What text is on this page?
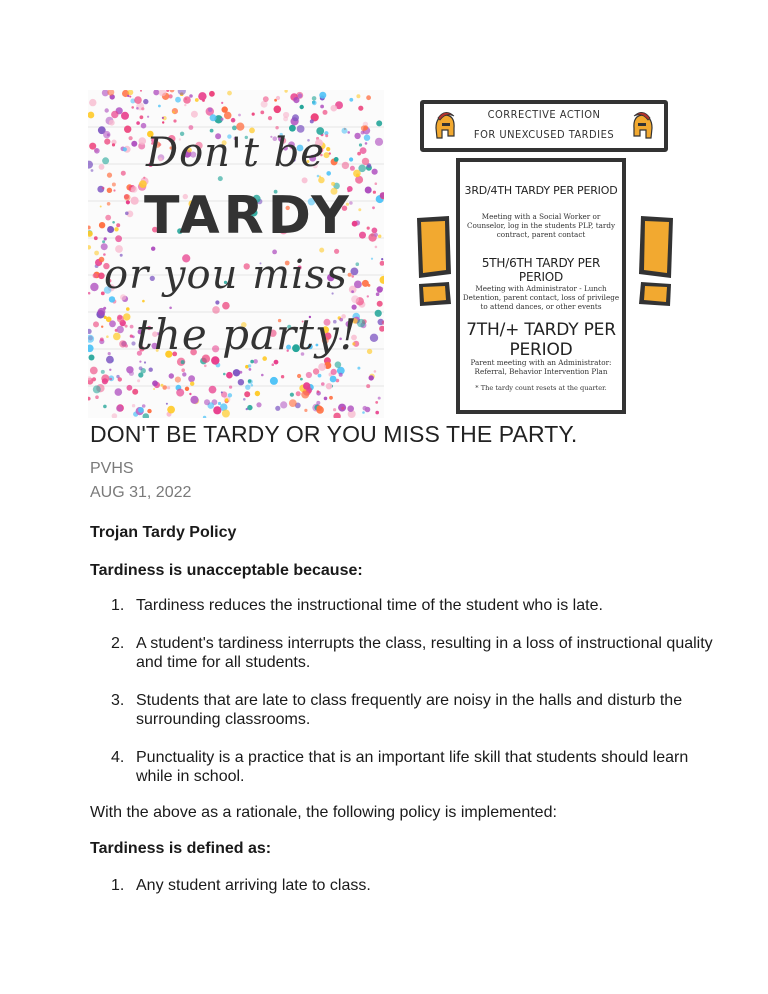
Don't be
TARDY
or you miss
the party!
CORRECTIVE ACTION
FOR UNEXCUSED TARDIES
3RD/4TH TARDY PER PERIOD
Meeting with a Social Worker or Counselor, log in the students PLP, tardy contract, parent contact
5TH/6TH TARDY PER PERIOD
Meeting with Administrator - Lunch Detention, parent contact, loss of privilege to attend dances, or other events
7TH/+ TARDY PER PERIOD
Parent meeting with an Administrator: Referral, Behavior Intervention Plan
* The tardy count resets at the quarter.
DON'T BE TARDY OR YOU MISS THE PARTY.
PVHS
AUG 31, 2022
Trojan Tardy Policy
Tardiness is unacceptable because:
1. Tardiness reduces the instructional time of the student who is late.
2. A student's tardiness interrupts the class, resulting in a loss of instructional quality and time for all students.
3. Students that are late to class frequently are noisy in the halls and disturb the surrounding classrooms.
4. Punctuality is a practice that is an important life skill that students should learn while in school.
With the above as a rationale, the following policy is implemented:
Tardiness is defined as:
1. Any student arriving late to class.
